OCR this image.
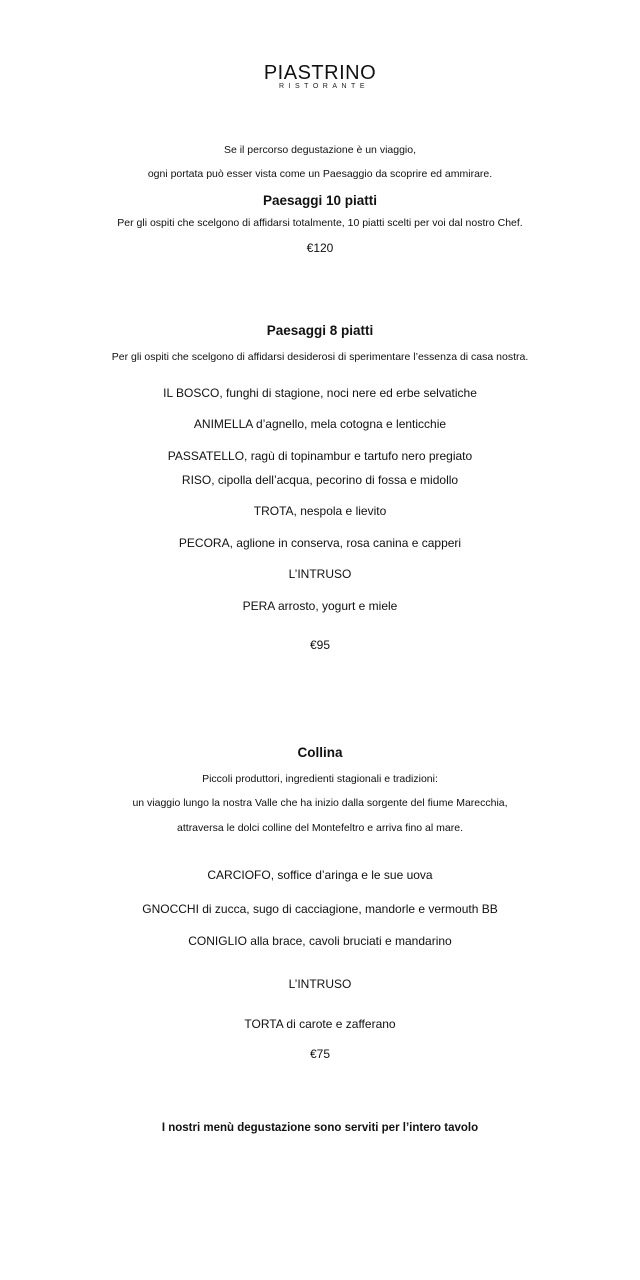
PIASTRINO
RISTORANTE
Se il percorso degustazione è un viaggio,
ogni portata può esser vista come un Paesaggio da scoprire ed ammirare.
Paesaggi 10 piatti
Per gli ospiti che scelgono di affidarsi totalmente, 10 piatti scelti per voi dal nostro Chef.
€120
Paesaggi 8 piatti
Per gli ospiti che scelgono di affidarsi desiderosi di sperimentare l’essenza di casa nostra.
IL BOSCO, funghi di stagione, noci nere ed erbe selvatiche
ANIMELLA d’agnello, mela cotogna e lenticchie
PASSATELLO, ragù di topinambur e tartufo nero pregiato
RISO, cipolla dell’acqua, pecorino di fossa e midollo
TROTA, nespola e lievito
PECORA, aglione in conserva, rosa canina e capperi
L’INTRUSO
PERA arrosto, yogurt e miele
€95
Collina
Piccoli produttori, ingredienti stagionali e tradizioni:
un viaggio lungo la nostra Valle che ha inizio dalla sorgente del fiume Marecchia,
attraversa le dolci colline del Montefeltro e arriva fino al mare.
CARCIOFO, soffice d’aringa e le sue uova
GNOCCHI di zucca, sugo di cacciagione, mandorle e vermouth BB
CONIGLIO alla brace, cavoli bruciati e mandarino
L’INTRUSO
TORTA di carote e zafferano
€75
I nostri menù degustazione sono serviti per l’intero tavolo
